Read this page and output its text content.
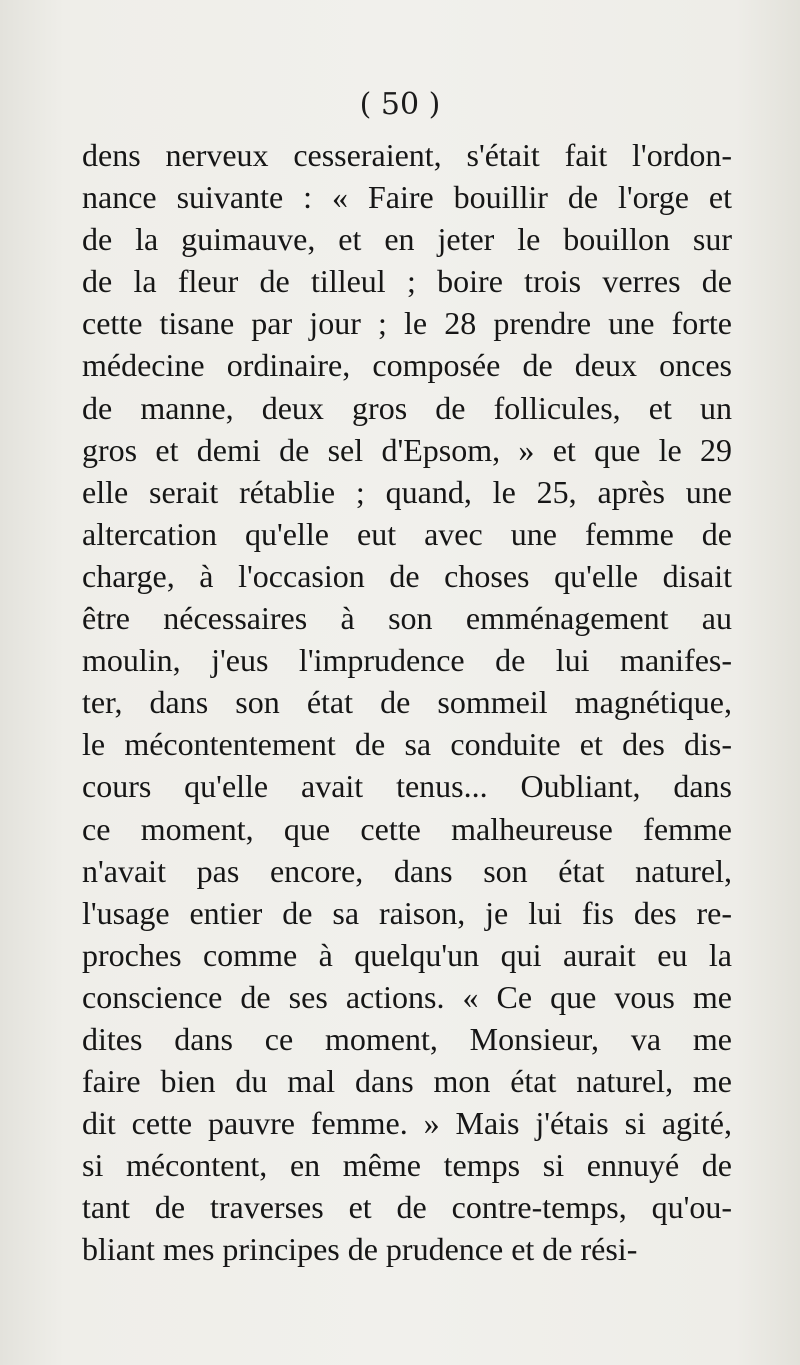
( 50 )

dens nerveux cesseraient, s'était fait l'ordon-
nance suivante : « Faire bouillir de l'orge et
de la guimauve, et en jeter le bouillon sur
de la fleur de tilleul ; boire trois verres de
cette tisane par jour ; le 28 prendre une forte
médecine ordinaire, composée de deux onces
de manne, deux gros de follicules, et un
gros et demi de sel d'Epsom, » et que le 29
elle serait rétablie ; quand, le 25, après une
altercation qu'elle eut avec une femme de
charge, à l'occasion de choses qu'elle disait
être nécessaires à son emménagement au
moulin, j'eus l'imprudence de lui manifes-
ter, dans son état de sommeil magnétique,
le mécontentement de sa conduite et des dis-
cours qu'elle avait tenus... Oubliant, dans
ce moment, que cette malheureuse femme
n'avait pas encore, dans son état naturel,
l'usage entier de sa raison, je lui fis des re-
proches comme à quelqu'un qui aurait eu la
conscience de ses actions. « Ce que vous me
dites dans ce moment, Monsieur, va me
faire bien du mal dans mon état naturel, me
dit cette pauvre femme. » Mais j'étais si agité,
si mécontent, en même temps si ennuyé de
tant de traverses et de contre-temps, qu'ou-
bliant mes principes de prudence et de rési-
